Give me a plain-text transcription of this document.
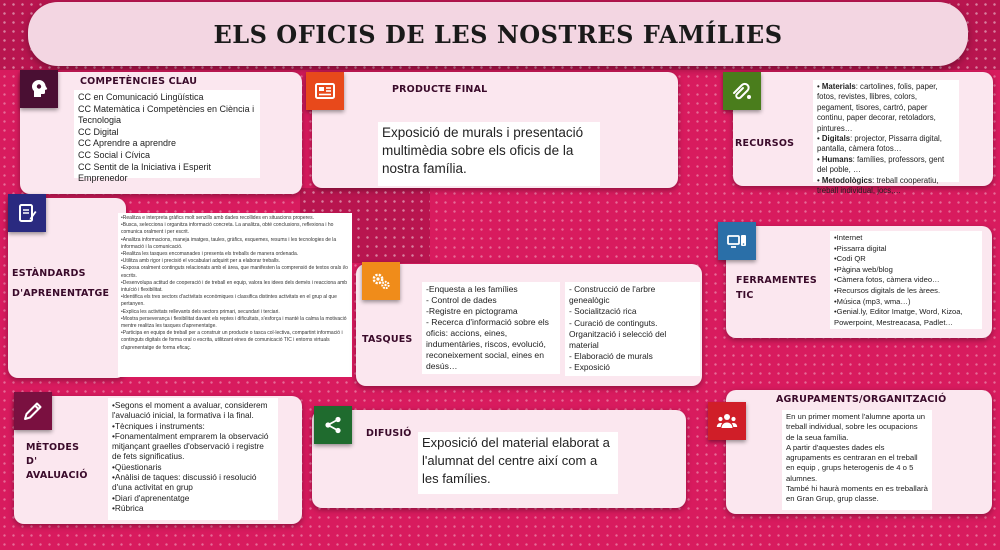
ELS OFICIS DE LES NOSTRES FAMÍLIES
COMPETÈNCIES CLAU

CC en Comunicació Lingüística

CC Matemàtica i Competències en Ciència i Tecnologia

CC Digital

CC Aprendre a aprendre

CC Social i Cívica

CC Sentit de la Iniciativa i Esperit Emprenedor

PRODUCTE FINAL
Exposició de murals i presentació multimèdia sobre els oficis de la nostra família.
RECURSOS

• Materials: cartolines, folis, paper, fotos, revistes, llibres, colors, pegament, tisores, cartró, paper continu, paper decorar, retoladors, pintures…

• Digitals: projector, Pissarra digital, pantalla, càmera fotos…

• Humans: famílies, professors, gent del poble, …

• Metodològics: treball cooperatiu, treball individual, jocs,…

ESTÀNDARDS
D'APRENENTATGE

•Realitza e interpreta gràfics molt senzills amb dades recollides en situacions properes.

•Busca, selecciona i organitza informació concreta. La analitza, obté conclusions, reflexiona i ho comunica oralment i per escrit.

•Analitza informacions, maneja imatges, taules, gràfics, esquemes, resums i les tecnologies de la informació i la comunicació.

•Realitza les tasques encomanades i presenta els treballs de manera ordenada.

•Utilitza amb rigor i precisió el vocabulari adquirit per a elaborar treballs.

•Exposa oralment continguts relacionats amb el àrea, que manifesten la comprensió de textos orals i/o escrits.

•Desenvolupa actitud de cooperació i de treball en equip, valora les idees dels demés i reacciona amb intuïció i flexibilitat.

•Identifica els tres sectors d'activitats econòmiques i classifica distintes activitats en el grup al que pertanyen.

•Explica les activitats rellevants dels sectors primari, secundari i terciari.

•Mostra perseverança i flexibilitat davant els reptes i dificultats, s'esforça i manté la calma la motivació mentre realitza les tasques d'aprenentatge.

•Participa en equips de treball per a construir un producte o tasca col·lectiva, compartint informació i continguts digitals de forma oral o escrita, utilitzant eines de comunicació TIC i entorns virtuals d'aprenentatge de forma eficaç.

TASQUES

-Enquesta a les famílies

- Control de dades

-Registre en pictograma

- Recerca d'informació sobre els oficis: accions, eines, indumentàries, riscos, evolució, reconeixement social, eines en desús…

- Construcció de l'arbre genealògic

- Socialització rica

- Curació de continguts.

Organització i selecció del material

- Elaboració de murals

- Exposició

FERRAMENTES
TIC

•Internet

•Pissarra digital

•Codi QR

•Pàgina web/blog

•Càmera fotos, càmera video…

•Recursos digitals de les àrees.

•Música (mp3, wma…)

•Genial.ly, Editor Imatge, Word, Kizoa, Powerpoint, Mestreacasa, Padlet…

MÈTODES
D'
AVALUACIÓ

•Segons el moment a avaluar, considerem l'avaluació inicial, la formativa i la final.

•Tècniques i instruments:

•Fonamentalment emprarem la observació mitjançant graelles d'observació i registre de fets significatius.

•Qüestionaris

•Anàlisi de taques: discussió i resolució d'una activitat en grup

•Diari d'aprenentatge

•Rúbrica

DIFUSIÓ
Exposició del material elaborat a l'alumnat del centre així com a les famílies.
AGRUPAMENTS/ORGANITZACIÓ

En un primer moment l'alumne aporta un treball individual, sobre les ocupacions de la seua família.

A partir d'aquestes dades els agrupaments es centraran en el treball en equip , grups heterogenis de 4 o 5 alumnes.

També hi haurà moments en es treballarà en Gran Grup, grup classe.
